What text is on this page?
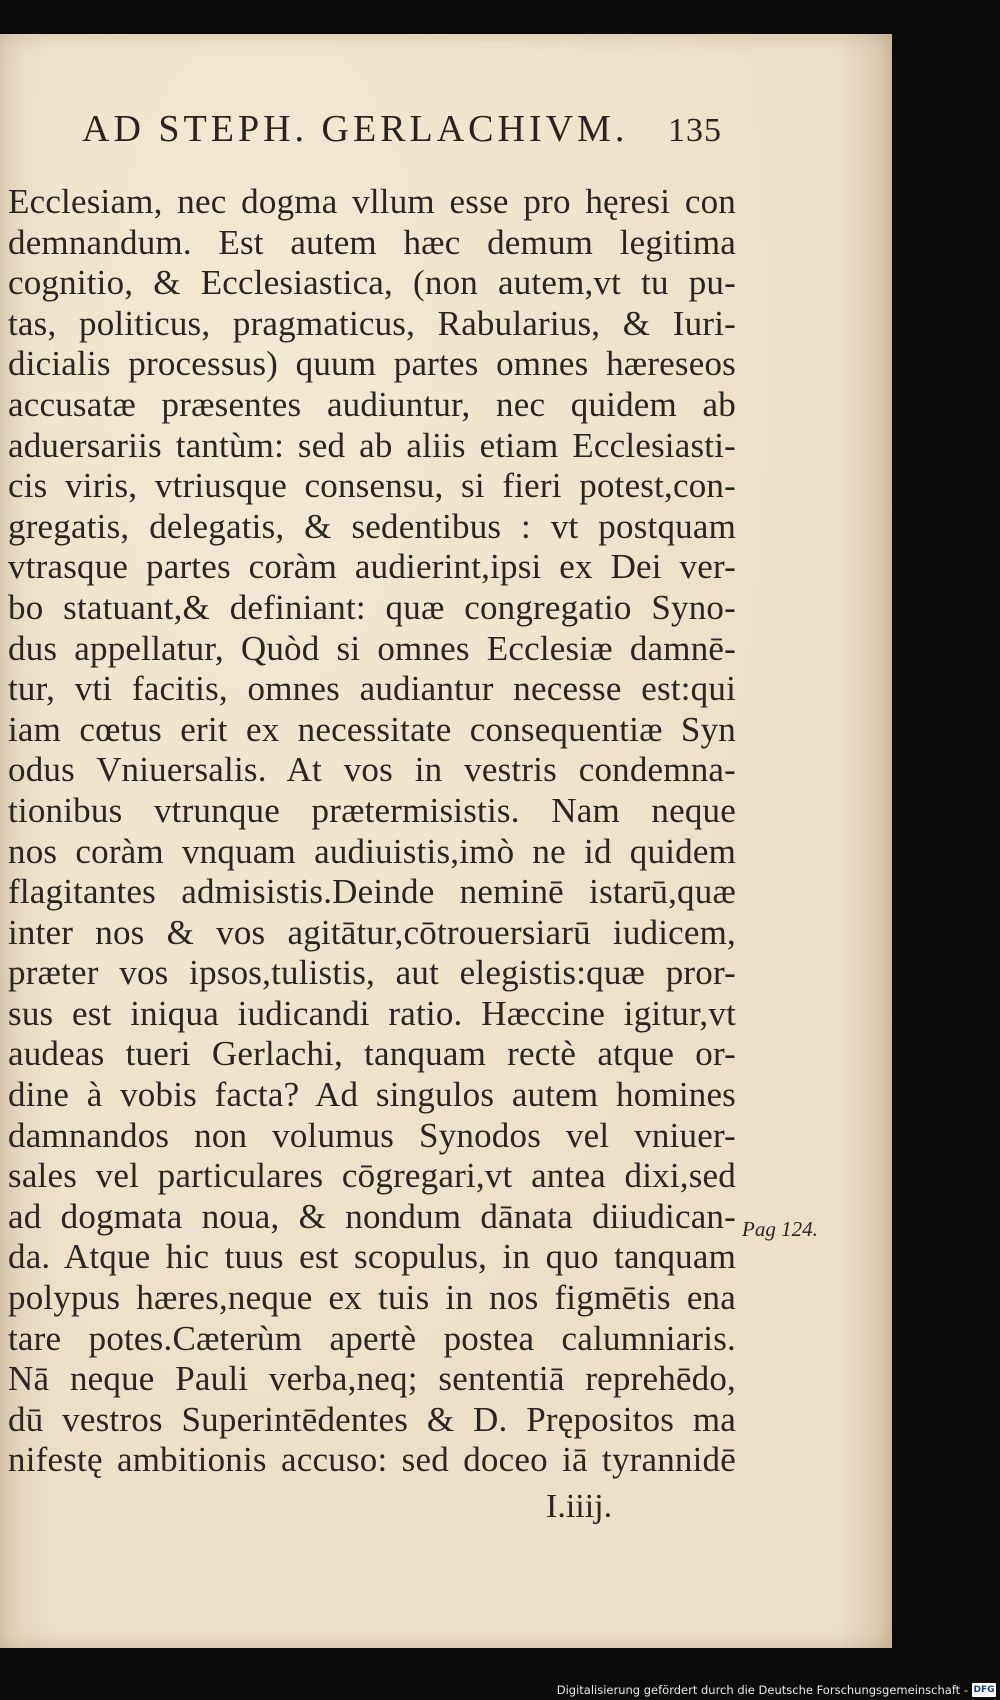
AD STEPH. GERLACHIVM. 135
Ecclesiam, nec dogma vllum esse pro hęresi con
demnandum. Est autem hæc demum legitima
cognitio, & Ecclesiastica, (non autem,vt tu pu-
tas, politicus, pragmaticus, Rabularius, & Iuri-
dicialis processus) quum partes omnes hæreseos
accusatæ præsentes audiuntur, nec quidem ab
aduersariis tantùm: sed ab aliis etiam Ecclesiasti-
cis viris, vtriusque consensu, si fieri potest,con-
gregatis, delegatis, & sedentibus : vt postquam
vtrasque partes coràm audierint,ipsi ex Dei ver-
bo statuant,& definiant: quæ congregatio Syno-
dus appellatur, Quòd si omnes Ecclesiæ damnē-
tur, vti facitis, omnes audiantur necesse est:qui
iam cœtus erit ex necessitate consequentiæ Syn
odus Vniuersalis. At vos in vestris condemna-
tionibus vtrunque prætermisistis. Nam neque
nos coràm vnquam audiuistis,imò ne id quidem
flagitantes admisistis.Deinde neminē istarū,quæ
inter nos & vos agitātur,cōtrouersiarū iudicem,
præter vos ipsos,tulistis, aut elegistis:quæ pror-
sus est iniqua iudicandi ratio. Hæccine igitur,vt
audeas tueri Gerlachi, tanquam rectè atque or-
dine à vobis facta? Ad singulos autem homines
damnandos non volumus Synodos vel vniuer-
sales vel particulares cōgregari,vt antea dixi,sed
ad dogmata noua, & nondum dānata diiudican-
da. Atque hic tuus est scopulus, in quo tanquam
polypus hæres,neque ex tuis in nos figmētis ena
tare potes.Cæterùm apertè postea calumniaris.
Nā neque Pauli verba,neq; sententiā reprehēdo,
dū vestros Superintēdentes & D. Prępositos ma
nifestę ambitionis accuso: sed doceo iā tyrannidē
Pag 124.
I.iiij.
Digitalisierung gefördert durch die Deutsche Forschungsgemeinschaft - DFG
